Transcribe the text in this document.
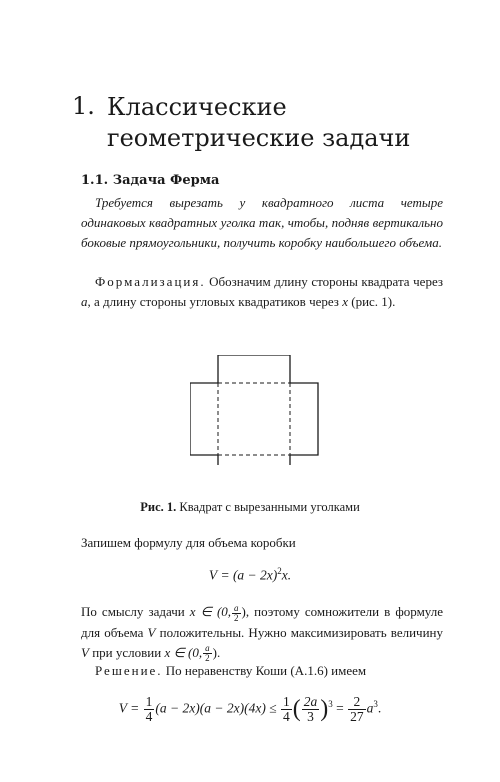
1. Классические геометрические задачи
1.1. Задача Ферма
Требуется вырезать у квадратного листа четыре одинаковых квадратных уголка так, чтобы, подняв вертикально боковые прямоугольники, получить коробку наибольшего объема.
Формализация. Обозначим длину стороны квадрата через a, а длину стороны угловых квадратиков через x (рис. 1).
Рис. 1. Квадрат с вырезанными уголками
Запишем формулу для объема коробки
$V = (a - 2x)^2x$.
По смыслу задачи x ∈ (0, $\frac{a}{2}$ ), поэтому сомножители в формуле для объема V положительны. Нужно максимизировать величину V при условии x ∈ (0, $\frac{a}{2}$ ).
Решение. По неравенству Коши (А.1.6) имеем
$V = \frac{1}{4} (a - 2x)(a - 2x)(4x) \le \frac{1}{4}$ ( $\frac{2a}{3} )^3 = \frac{2}{27} a^3$.
